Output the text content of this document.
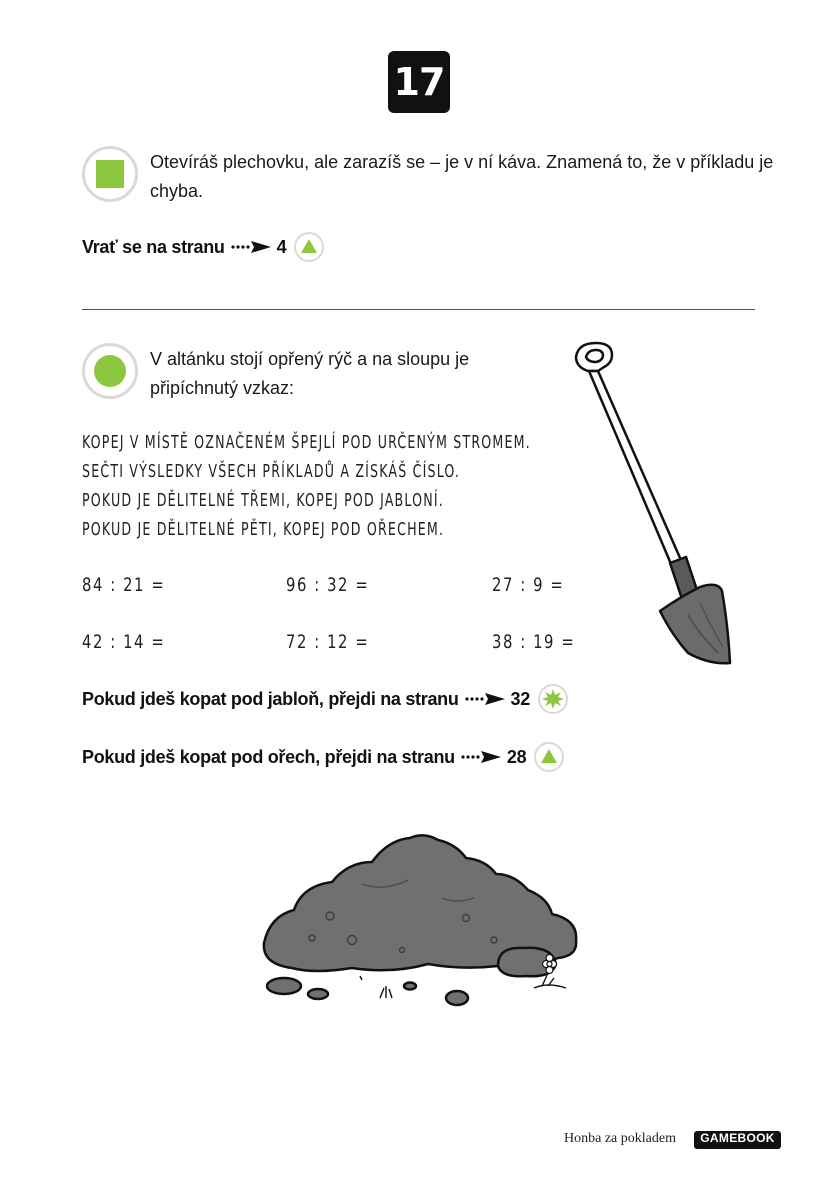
17
Otevíráš plechovku, ale zarazíš se – je v ní káva. Znamená to, že v příkladu je
chyba.
Vrať se na stranu	4
V altánku stojí opřený rýč a na sloupu je
připíchnutý vzkaz:
KOPEJ V MÍSTĚ OZNAČENÉM ŠPEJLÍ POD URČENÝM STROMEM.
SEČTI VÝSLEDKY VŠECH PŘÍKLADŮ A ZÍSKÁŠ ČÍSLO.
POKUD JE DĚLITELNÉ TŘEMI, KOPEJ POD JABLONÍ.
POKUD JE DĚLITELNÉ PĚTI, KOPEJ POD OŘECHEM.
84 : 21 =	96 : 32 =	27 : 9 =
42 : 14 =	72 : 12 =	38 : 19 =
Pokud jdeš kopat pod jabloň, přejdi na stranu	32
Pokud jdeš kopat pod ořech, přejdi na stranu	28
Honba za pokladem	GAMEBOOK
